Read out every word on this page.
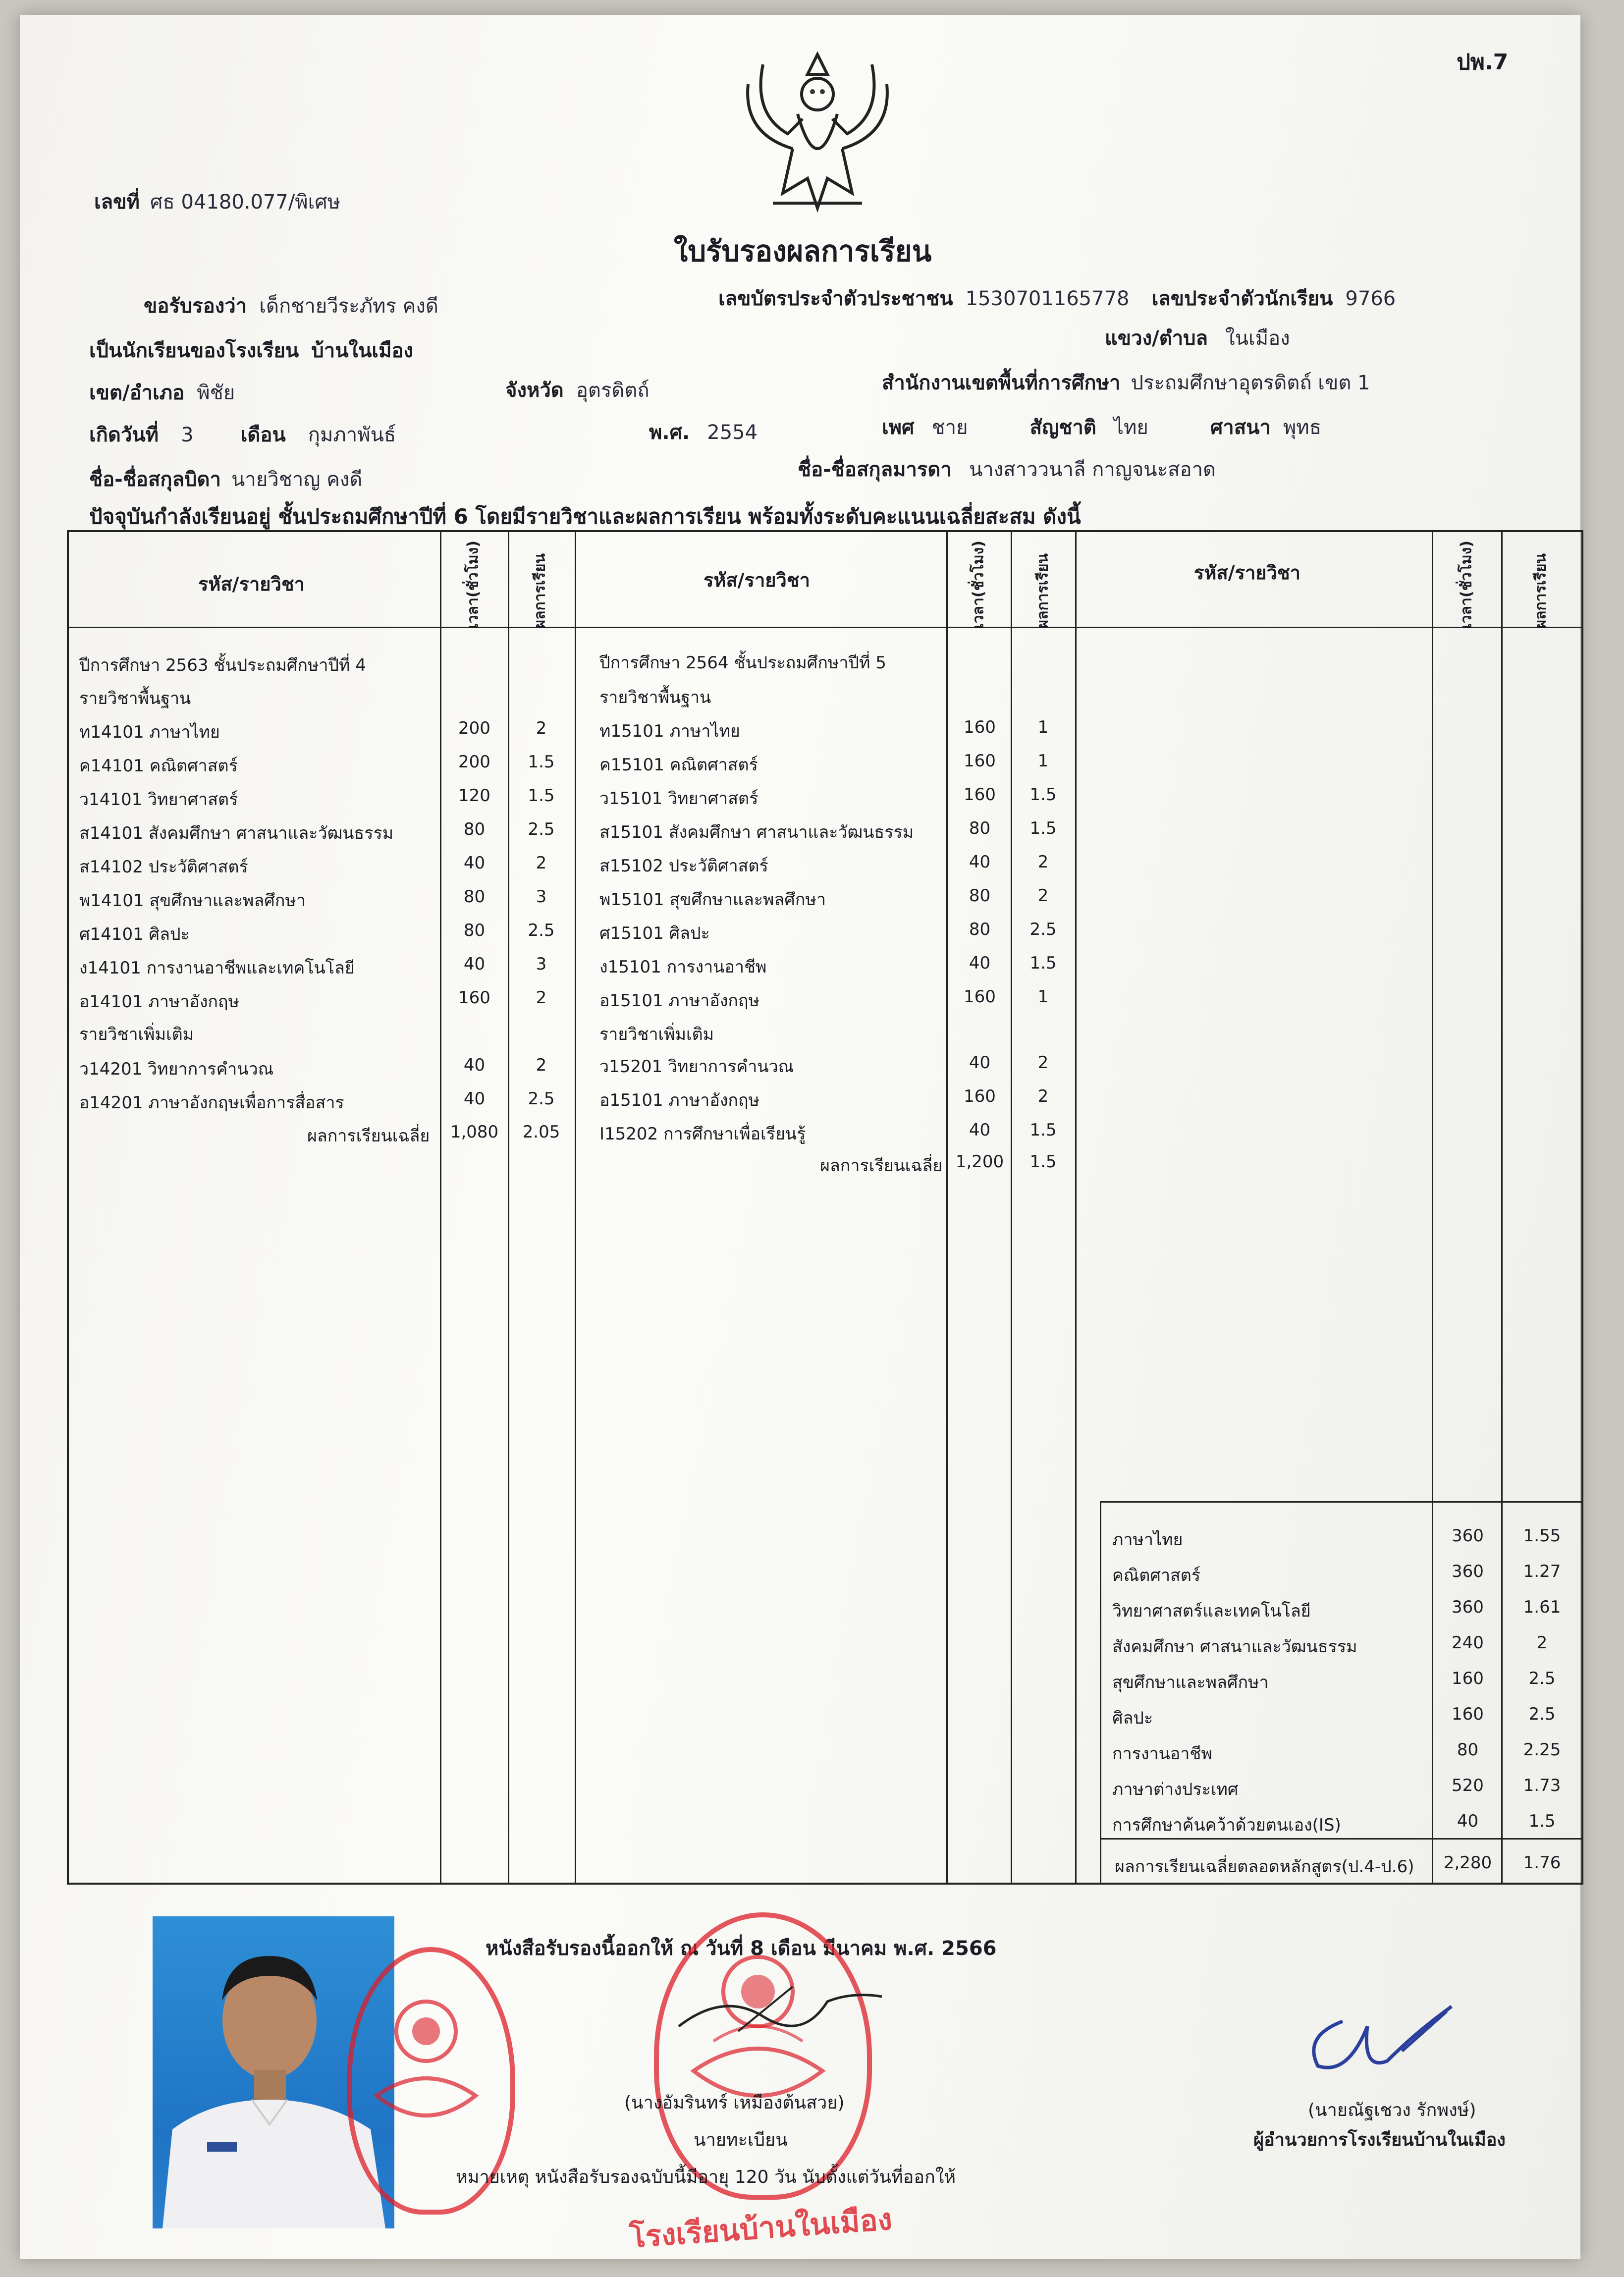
ปพ.7
เลขที่ ศธ 04180.077/พิเศษ
ใบรับรองผลการเรียน
ขอรับรองว่า เด็กชายวีระภัทร คงดี	เลขบัตรประจำตัวประชาชน 1530701165778 เลขประจำตัวนักเรียน 9766
เป็นนักเรียนของโรงเรียน บ้านในเมือง
แขวง/ตำบล ในเมือง
เขต/อำเภอ พิชัย	จังหวัด อุตรดิตถ์	สำนักงานเขตพื้นที่การศึกษา ประถมศึกษาอุตรดิตถ์ เขต 1
เกิดวันที่ 3 เดือน กุมภาพันธ์	พ.ศ. 2554	เพศ ชาย	สัญชาติ ไทย	ศาสนา พุทธ
ชื่อ-ชื่อสกุลบิดา นายวิชาญ คงดี	ชื่อ-ชื่อสกุลมารดา นางสาววนาลี กาญจนะสอาด
ปัจจุบันกำลังเรียนอยู่ ชั้นประถมศึกษาปีที่ 6 โดยมีรายวิชาและผลการเรียน พร้อมทั้งระดับคะแนนเฉลี่ยสะสม ดังนี้
รหัส/รายวิชา	รหัส/รายวิชา	รหัส/รายวิชา
เวลา(ชั่วโมง)	ผลการเรียน	เวลา(ชั่วโมง)	ผลการเรียน	เวลา(ชั่วโมง)	ผลการเรียน
ปีการศึกษา 2563 ชั้นประถมศึกษาปีที่ 4
รายวิชาพื้นฐาน
ท14101 ภาษาไทย	200	2
ค14101 คณิตศาสตร์	200	1.5
ว14101 วิทยาศาสตร์	120	1.5
ส14101 สังคมศึกษา ศาสนาและวัฒนธรรม	80	2.5
ส14102 ประวัติศาสตร์	40	2
พ14101 สุขศึกษาและพลศึกษา	80	3
ศ14101 ศิลปะ	80	2.5
ง14101 การงานอาชีพและเทคโนโลยี	40	3
อ14101 ภาษาอังกฤษ	160	2
รายวิชาเพิ่มเติม
ว14201 วิทยาการคำนวณ	40	2
อ14201 ภาษาอังกฤษเพื่อการสื่อสาร	40	2.5
ผลการเรียนเฉลี่ย 1,080	2.05
ปีการศึกษา 2564 ชั้นประถมศึกษาปีที่ 5
รายวิชาพื้นฐาน
ท15101 ภาษาไทย	160	1
ค15101 คณิตศาสตร์	160	1
ว15101 วิทยาศาสตร์	160	1.5
ส15101 สังคมศึกษา ศาสนาและวัฒนธรรม	80	1.5
ส15102 ประวัติศาสตร์	40	2
พ15101 สุขศึกษาและพลศึกษา	80	2
ศ15101 ศิลปะ	80	2.5
ง15101 การงานอาชีพ	40	1.5
อ15101 ภาษาอังกฤษ	160	1
รายวิชาเพิ่มเติม
ว15201 วิทยาการคำนวณ	40	2
อ15101 ภาษาอังกฤษ	160	2
I15202 การศึกษาเพื่อเรียนรู้	40	1.5
ผลการเรียนเฉลี่ย 1,200	1.5
ภาษาไทย	360	1.55
คณิตศาสตร์	360	1.27
วิทยาศาสตร์และเทคโนโลยี	360	1.61
สังคมศึกษา ศาสนาและวัฒนธรรม	240	2
สุขศึกษาและพลศึกษา	160	2.5
ศิลปะ	160	2.5
การงานอาชีพ	80	2.25
ภาษาต่างประเทศ	520	1.73
การศึกษาค้นคว้าด้วยตนเอง(IS)	40	1.5
ผลการเรียนเฉลี่ยตลอดหลักสูตร(ป.4-ป.6)	2,280	1.76
หนังสือรับรองนี้ออกให้ ณ วันที่ 8 เดือน มีนาคม พ.ศ. 2566
โรงเรียนบ้านในเมือง
(นางอัมรินทร์ เหมืองต้นสวย)
นายทะเบียน
หมายเหตุ หนังสือรับรองฉบับนี้มีอายุ 120 วัน นับตั้งแต่วันที่ออกให้
(นายณัฐเชวง รักพงษ์)
ผู้อำนวยการโรงเรียนบ้านในเมือง
